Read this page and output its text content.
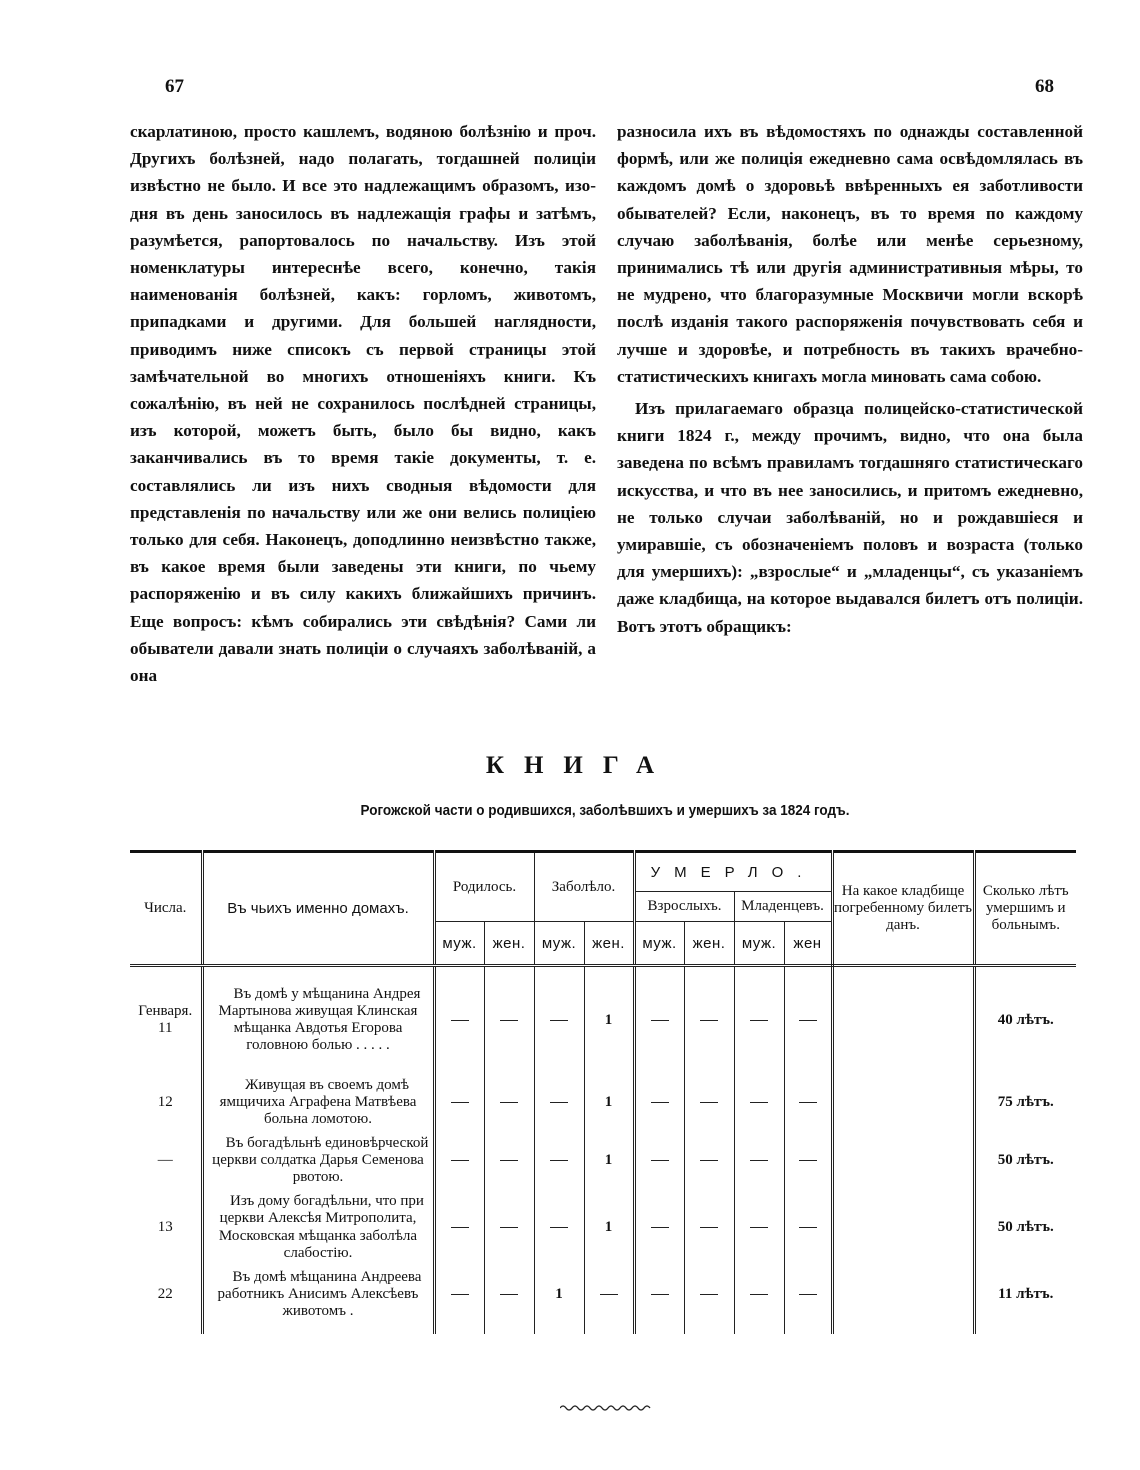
67	68

скарлатиною, просто кашлемъ, водяною болѣзнію и проч. Другихъ болѣзней, надо полагать, тогдашней полиціи извѣстно не было. И все это надлежащимъ образомъ, изо-дня въ день заносилось въ надлежащія графы и затѣмъ, разумѣется, рапортовалось по начальству. Изъ этой номенклатуры интереснѣе всего, конечно, такія наименованія болѣзней, какъ: горломъ, животомъ, припадками и другими. Для большей наглядности, приводимъ ниже списокъ съ первой страницы этой замѣчательной во многихъ отношеніяхъ книги. Къ сожалѣнію, въ ней не сохранилось послѣдней страницы, изъ которой, можетъ быть, было бы видно, какъ заканчивались въ то время такіе документы, т. е. составлялись ли изъ нихъ сводныя вѣдомости для представленія по начальству или же они велись полиціею только для себя. Наконецъ, доподлинно неизвѣстно также, въ какое время были заведены эти книги, по чьему распоряженію и въ силу какихъ ближайшихъ причинъ. Еще вопросъ: кѣмъ собирались эти свѣдѣнія? Сами ли обыватели давали знать полиціи о случаяхъ заболѣваній, а она

разносила ихъ въ вѣдомостяхъ по однажды составленной формѣ, или же полиція ежедневно сама освѣдомлялась въ каждомъ домѣ о здоровьѣ ввѣренныхъ ея заботливости обывателей? Если, наконецъ, въ то время по каждому случаю заболѣванія, болѣе или менѣе серьезному, принимались тѣ или другія административныя мѣры, то не мудрено, что благоразумные Москвичи могли вскорѣ послѣ изданія такого распоряженія почувствовать себя и лучше и здоровѣе, и потребность въ такихъ врачебно-статистическихъ книгахъ могла миновать сама собою.

Изъ прилагаемаго образца полицейско-статистической книги 1824 г., между прочимъ, видно, что она была заведена по всѣмъ правиламъ тогдашняго статистическаго искусства, и что въ нее заносились, и притомъ ежедневно, не только случаи заболѣваній, но и рождавшіеся и умиравшіе, съ обозначеніемъ половъ и возраста (только для умершихъ): „взрослые“ и „младенцы“, съ указаніемъ даже кладбища, на которое выдавался билетъ отъ полиціи. Вотъ этотъ обращикъ:

КНИГА
Рогожской части о родившихся, заболѣвшихъ и умершихъ за 1824 годъ.
Числа.	Въ чьихъ именно домахъ.	Родилось.		Заболѣло.		УМЕРЛО.				На какое кладбище погребенному билетъ данъ.	Сколько лѣтъ умершимъ и больнымъ.
						Взрослыхъ.		Младенцевъ.			
		муж.	жен.	муж.	жен.	муж.	жен.	муж.	жен		

Генваря.
11	Въ домѣ у мѣщанина Андрея Мартынова живущая Клинская мѣщанка Авдотья Егорова головною болью . . . . .				1						40 лѣтъ.
12	Живущая въ своемъ домѣ ямщичиха Аграфена Матвѣева больна ломотою.				1						75 лѣтъ.
—	Въ богадѣльнѣ единовѣрческой церкви солдатка Дарья Семенова рвотою.				1						50 лѣтъ.
13	Изъ дому богадѣльни, что при церкви Алексѣя Митрополита, Московская мѣщанка заболѣла слабостію.				1						50 лѣтъ.
22	Въ домѣ мѣщанина Андреева работникъ Анисимъ Алексѣевъ животомъ .			1							11 лѣтъ.
